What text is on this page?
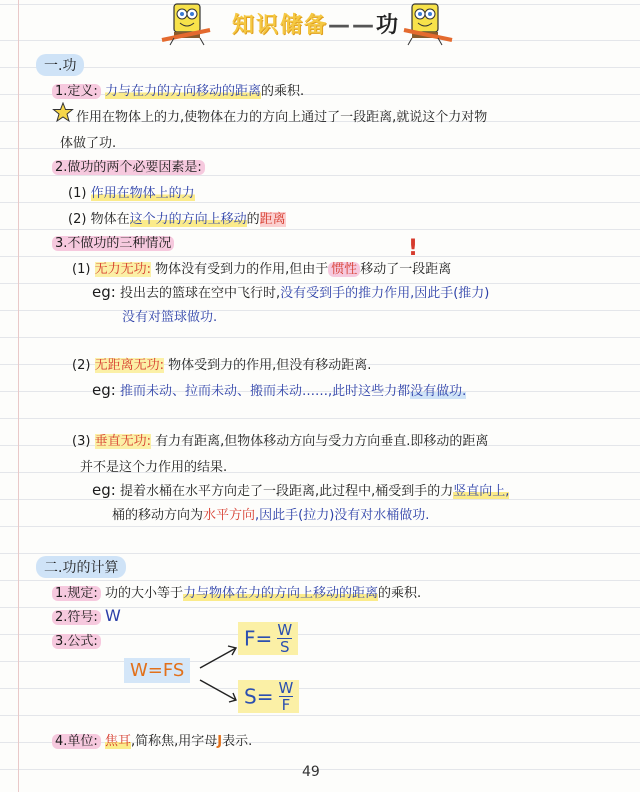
知识储备——功
一.功
1.定义: 力与在力的方向移动的距离的乘积.
作用在物体上的力,使物体在力的方向上通过了一段距离,就说这个力对物
体做了功.
2.做功的两个必要因素是:
(1) 作用在物体上的力
(2) 物体在这个力的方向上移动的距离
3.不做功的三种情况
(1) 无力无功: 物体没有受到力的作用,但由于 惯性 移动了一段距离
!
eg: 投出去的篮球在空中飞行时,没有受到手的推力作用,因此手(推力)
没有对篮球做功.
(2) 无距离无功: 物体受到力的作用,但没有移动距离.
eg: 推而未动、拉而未动、搬而未动……,此时这些力都没有做功.
(3) 垂直无功: 有力有距离,但物体移动方向与受力方向垂直.即移动的距离
并不是这个力作用的结果.
eg: 提着水桶在水平方向走了一段距离,此过程中,桶受到手的力竖直向上,
桶的移动方向为水平方向,因此手(拉力)没有对水桶做功.
二.功的计算
1.规定: 功的大小等于力与物体在力的方向上移动的距离的乘积.
2.符号: W
3.公式:
W=FS
$F= \frac{W}{S}$
$S= \frac{W}{F}$
4.单位: 焦耳,简称焦,用字母J表示.
49
